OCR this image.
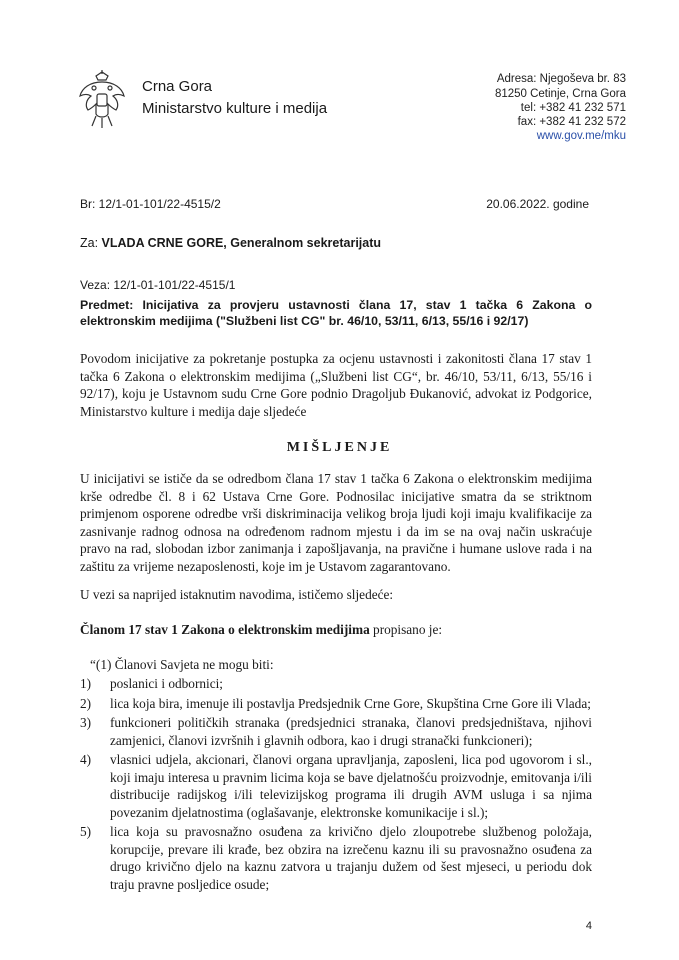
Crna Gora
Ministarstvo kulture i medija
Adresa: Njegoševa br. 83
81250 Cetinje, Crna Gora
tel: +382 41 232 571
fax: +382 41 232 572
www.gov.me/mku
Br: 12/1-01-101/22-4515/2	20.06.2022. godine
Za: VLADA CRNE GORE, Generalnom sekretarijatu
Veza: 12/1-01-101/22-4515/1
Predmet: Inicijativa za provjeru ustavnosti člana 17, stav 1 tačka 6 Zakona o elektronskim medijima ("Službeni list CG" br. 46/10, 53/11, 6/13, 55/16 i 92/17)
Povodom inicijative za pokretanje postupka za ocjenu ustavnosti i zakonitosti člana 17 stav 1 tačka 6 Zakona o elektronskim medijima („Službeni list CG“, br. 46/10, 53/11, 6/13, 55/16 i 92/17), koju je Ustavnom sudu Crne Gore podnio Dragoljub Đukanović, advokat iz Podgorice, Ministarstvo kulture i medija daje sljedeće
MIŠLJENJE
U inicijativi se ističe da se odredbom člana 17 stav 1 tačka 6 Zakona o elektronskim medijima krše odredbe čl. 8 i 62 Ustava Crne Gore. Podnosilac inicijative smatra da se striktnom primjenom osporene odredbe vrši diskriminacija velikog broja ljudi koji imaju kvalifikacije za zasnivanje radnog odnosa na određenom radnom mjestu i da im se na ovaj način uskraćuje pravo na rad, slobodan izbor zanimanja i zapošljavanja, na pravične i humane uslove rada i na zaštitu za vrijeme nezaposlenosti, koje im je Ustavom zagarantovano.
U vezi sa naprijed istaknutim navodima, ističemo sljedeće:
Članom 17 stav 1 Zakona o elektronskim medijima propisano je:
“(1) Članovi Savjeta ne mogu biti:
1) poslanici i odbornici;
2) lica koja bira, imenuje ili postavlja Predsjednik Crne Gore, Skupština Crne Gore ili Vlada;
3) funkcioneri političkih stranaka (predsjednici stranaka, članovi predsjedništava, njihovi zamjenici, članovi izvršnih i glavnih odbora, kao i drugi stranački funkcioneri);
4) vlasnici udjela, akcionari, članovi organa upravljanja, zaposleni, lica pod ugovorom i sl., koji imaju interesa u pravnim licima koja se bave djelatnošću proizvodnje, emitovanja i/ili distribucije radijskog i/ili televizijskog programa ili drugih AVM usluga i sa njima povezanim djelatnostima (oglašavanje, elektronske komunikacije i sl.);
5) lica koja su pravosnažno osuđena za krivično djelo zloupotrebe službenog položaja, korupcije, prevare ili krađe, bez obzira na izrečenu kaznu ili su pravosnažno osuđena za drugo krivično djelo na kaznu zatvora u trajanju dužem od šest mjeseci, u periodu dok traju pravne posljedice osude;
4
